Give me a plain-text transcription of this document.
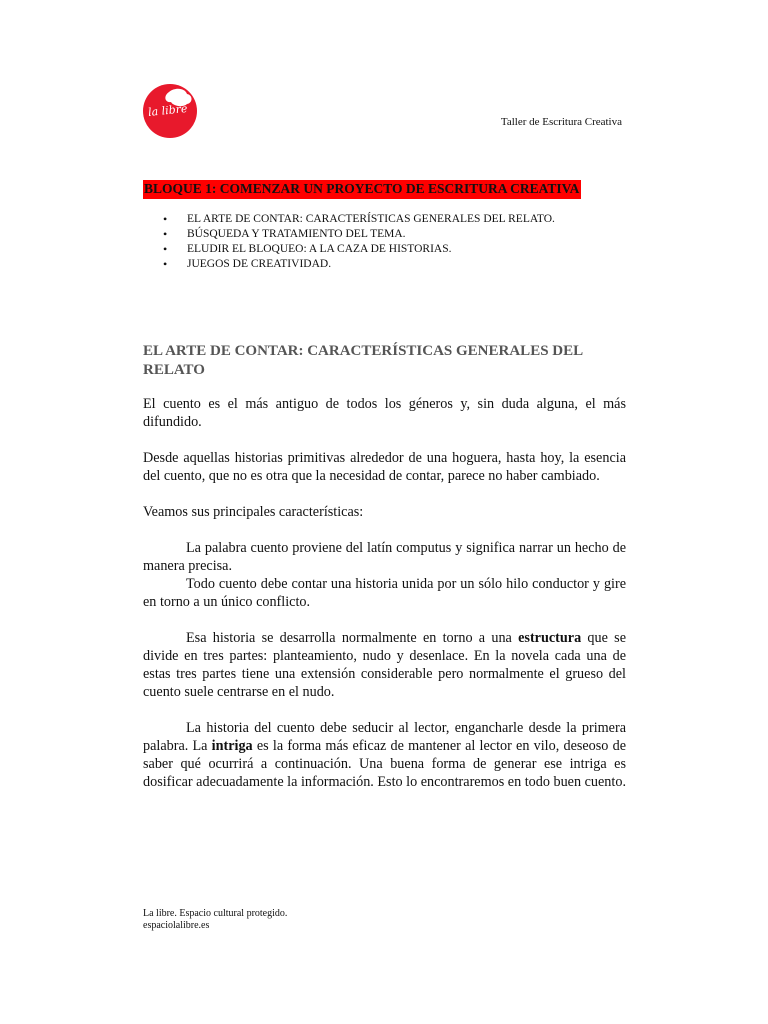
la libre
Taller de Escritura Creativa
BLOQUE 1: COMENZAR UN PROYECTO DE ESCRITURA CREATIVA
• EL ARTE DE CONTAR: CARACTERÍSTICAS GENERALES DEL RELATO.
• BÚSQUEDA Y TRATAMIENTO DEL TEMA.
• ELUDIR EL BLOQUEO: A LA CAZA DE HISTORIAS.
• JUEGOS DE CREATIVIDAD.
EL ARTE DE CONTAR: CARACTERÍSTICAS GENERALES DEL RELATO

El cuento es el más antiguo de todos los géneros y, sin duda alguna, el más difundido.

Desde aquellas historias primitivas alrededor de una hoguera, hasta hoy, la esencia del cuento, que no es otra que la necesidad de contar, parece no haber cambiado.

Veamos sus principales características:

La palabra cuento proviene del latín computus y significa narrar un hecho de manera precisa.

Todo cuento debe contar una historia unida por un sólo hilo conductor y gire en torno a un único conflicto.

Esa historia se desarrolla normalmente en torno a una estructura que se divide en tres partes: planteamiento, nudo y desenlace. En la novela cada una de estas tres partes tiene una extensión considerable pero normalmente el grueso del cuento suele centrarse en el nudo.

La historia del cuento debe seducir al lector, engancharle desde la primera palabra. La intriga es la forma más eficaz de mantener al lector en vilo, deseoso de saber qué ocurrirá a continuación. Una buena forma de generar ese intriga es dosificar adecuadamente la información. Esto lo encontraremos en todo buen cuento.

La libre. Espacio cultural protegido.
espaciolalibre.es
